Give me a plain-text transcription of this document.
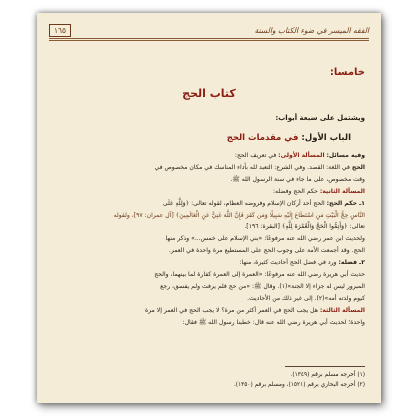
الفقه الميسر في ضوء الكتاب والسنة
١٦٥
خامسا:
كتاب الحج
ويشتمل على سبعة أبواب:
الباب الأول: في مقدمات الحج

وفيه مسائل: المسألة الأولى: في تعريف الحج:

الحج في اللغة: القصد. وفي الشرع: التعبد لله بأداء المناسك في مكان مخصوص في

وقت مخصوص، على ما جاء في سنة الرسول الله ﷺ.

المسألة الثانية: حكم الحج وفضله:

١ـ حكم الحج: الحج أحد أركان الإسلام وفروضه العظام، لقوله تعالى: ﴿وَلِلَّهِ عَلَى

النَّاسِ حِجُّ الْبَيْتِ مَنِ اسْتَطَاعَ إِلَيْهِ سَبِيلًا وَمَن كَفَرَ فَإِنَّ اللَّهَ غَنِيٌّ عَنِ الْعَالَمِينَ﴾ [آل عمران: ٩٧]، ولقوله

تعالى: ﴿وَأَتِمُّوا الْحَجَّ وَالْعُمْرَةَ لِلَّهِ﴾ [البقرة: ١٩٦].

ولحديث ابن عمر رضي الله عنه مرفوعًا: «بني الإسلام على خمس...» وذكر منها

الحج. وقد أجمعت الأمة على وجوب الحج على المستطيع مرة واحدة في العمر.

٢ـ فضله: ورد في فضل الحج أحاديث كثيرة، منها:

حديث أبي هريرة رضي الله عنه مرفوعًا: «العمرة إلى العمرة كفارة لما بينهما، والحج

المبرور ليس له جزاء إلا الجنة»(١). وقال ﷺ: «من حج فلم يرفث ولم يفسق، رجع

كيوم ولدته أمه»(٢). إلى غير ذلك من الأحاديث.

المسألة الثالثة: هل يجب الحج في العمر أكثر من مرة؟ لا يجب الحج في العمر إلا مرة

واحدة؛ لحديث أبي هريرة رضي الله عنه قال: خطبنا رسول الله ﷺ فقال:

(١) أخرجه مسلم برقم (١٣٤٩).

(٢) أخرجه البخاري برقم (١٥٢١)، ومسلم برقم (١٣٥٠).
